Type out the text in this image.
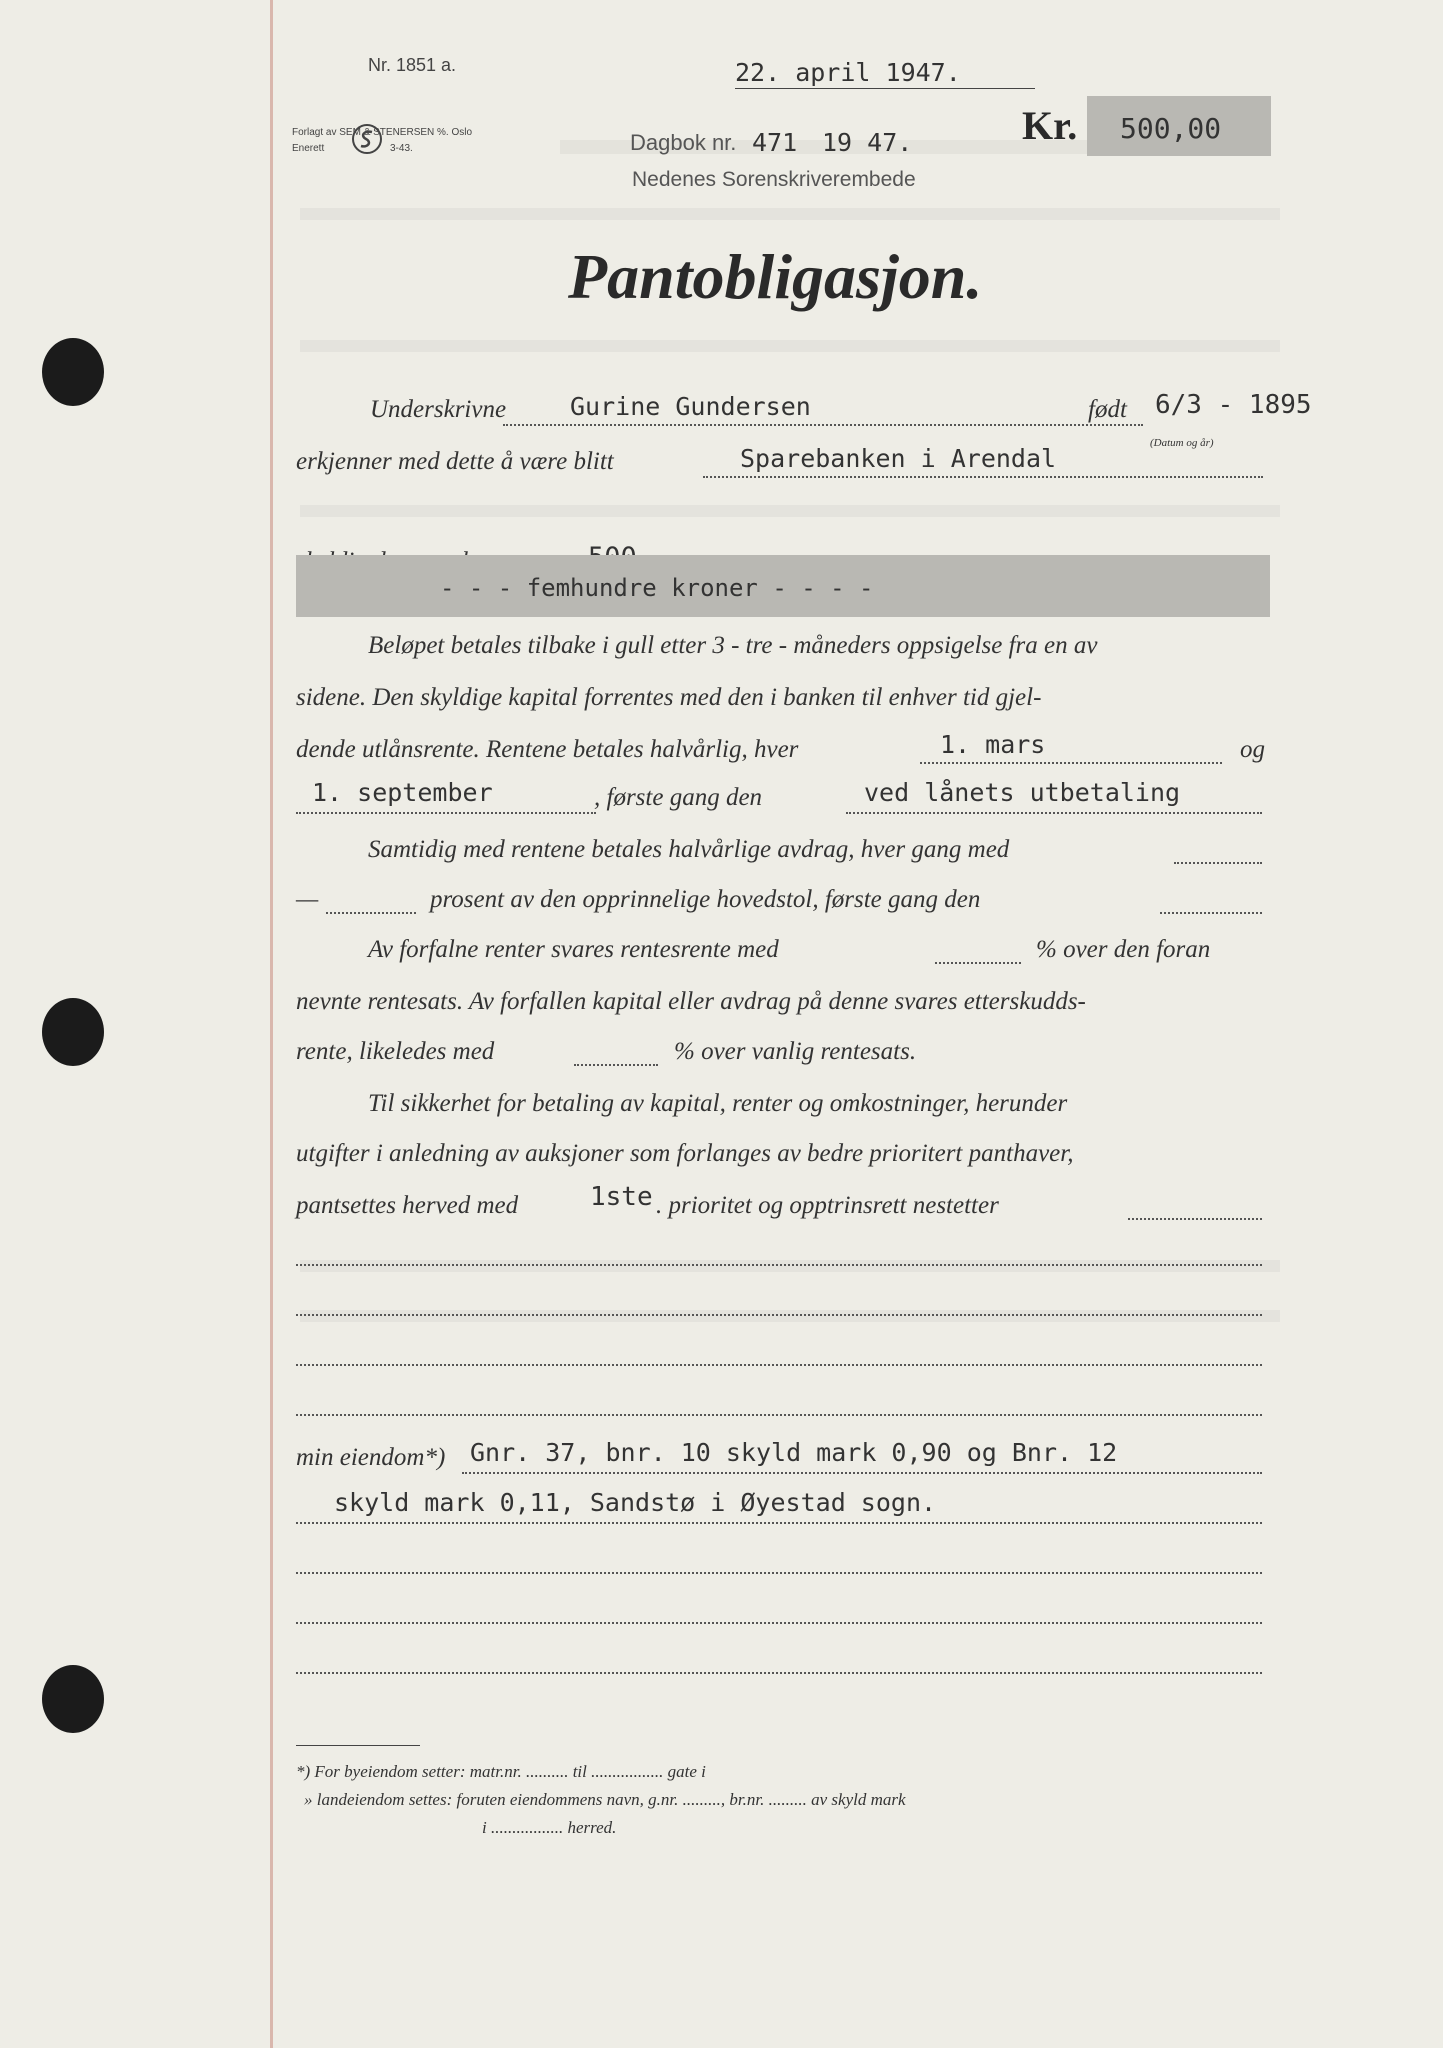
22. april 1947.
Nr. 1851 a.
Forlagt av SEM & STENERSEN %. Oslo
Enerett	3-43.	Dagbok nr. 471 19 47.
Nedenes Sorenskriverembede
Kr. 500,00
Pantobligasjon.
Underskrivne	Gurine Gundersen	født 6/3 - 1895
(Datum og år)
erkjenner med dette å være blitt	Sparebanken i Arendal
- - - femhundre kroner - - - -
Beløpet betales tilbake i gull etter 3 - tre - måneders oppsigelse fra en av
sidene. Den skyldige kapital forrentes med den i banken til enhver tid gjel-
dende utlånsrente. Rentene betales halvårlig, hver	1. mars	og
1. september	, første gang den	ved lånets utbetaling
Samtidig med rentene betales halvårlige avdrag, hver gang med
—	prosent av den opprinnelige hovedstol, første gang den
Av forfalne renter svares rentesrente med	% over den foran
nevnte rentesats. Av forfallen kapital eller avdrag på denne svares etterskudds-
rente, likeledes med	% over vanlig rentesats.
Til sikkerhet for betaling av kapital, renter og omkostninger, herunder
utgifter i anledning av auksjoner som forlanges av bedre prioritert panthaver,
pantsettes herved med	1ste . prioritet og opptrinsrett nestetter
min eiendom*) Gnr. 37, bnr. 10 skyld mark 0,90 og Bnr. 12
skyld mark 0,11, Sandstø i Øyestad sogn.
*) For byeiendom setter: matr.nr. .......... til ................. gate i
» landeiendom settes: foruten eiendommens navn, g.nr. ........., br.nr. ......... av skyld mark
i ................. herred.
